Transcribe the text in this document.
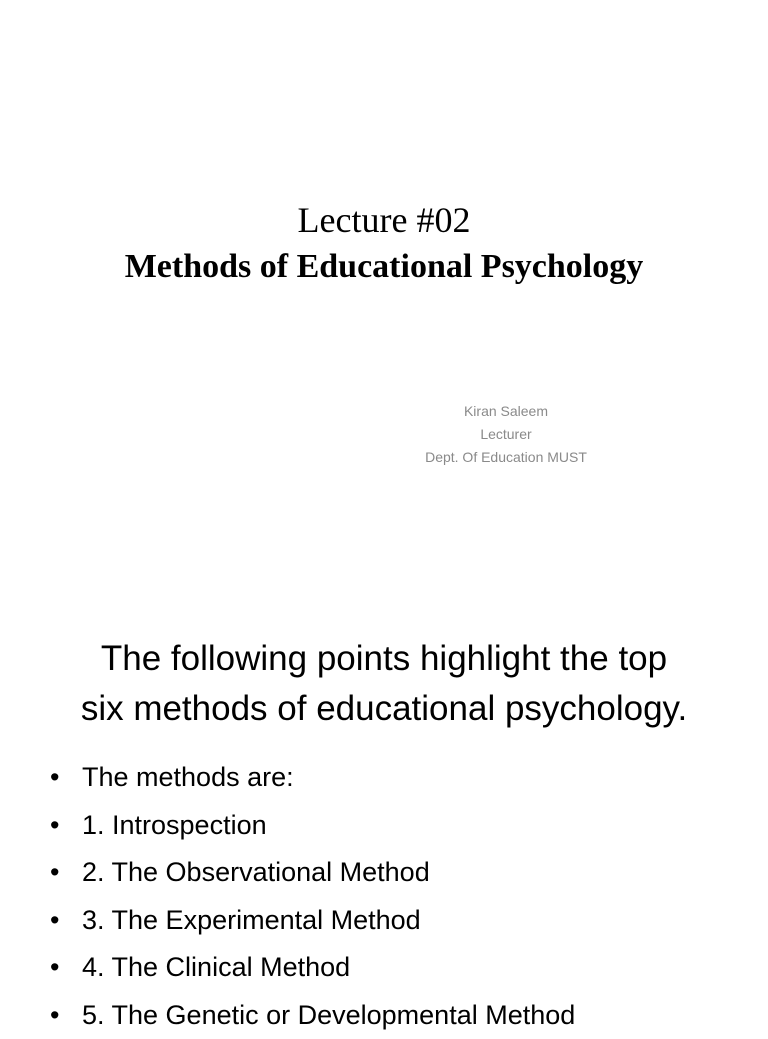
Lecture #02
Methods of Educational Psychology
Kiran Saleem
Lecturer
Dept. Of Education MUST
The following points highlight the top
six methods of educational psychology.
• The methods are:
• 1. Introspection
• 2. The Observational Method
• 3. The Experimental Method
• 4. The Clinical Method
• 5. The Genetic or Developmental Method
